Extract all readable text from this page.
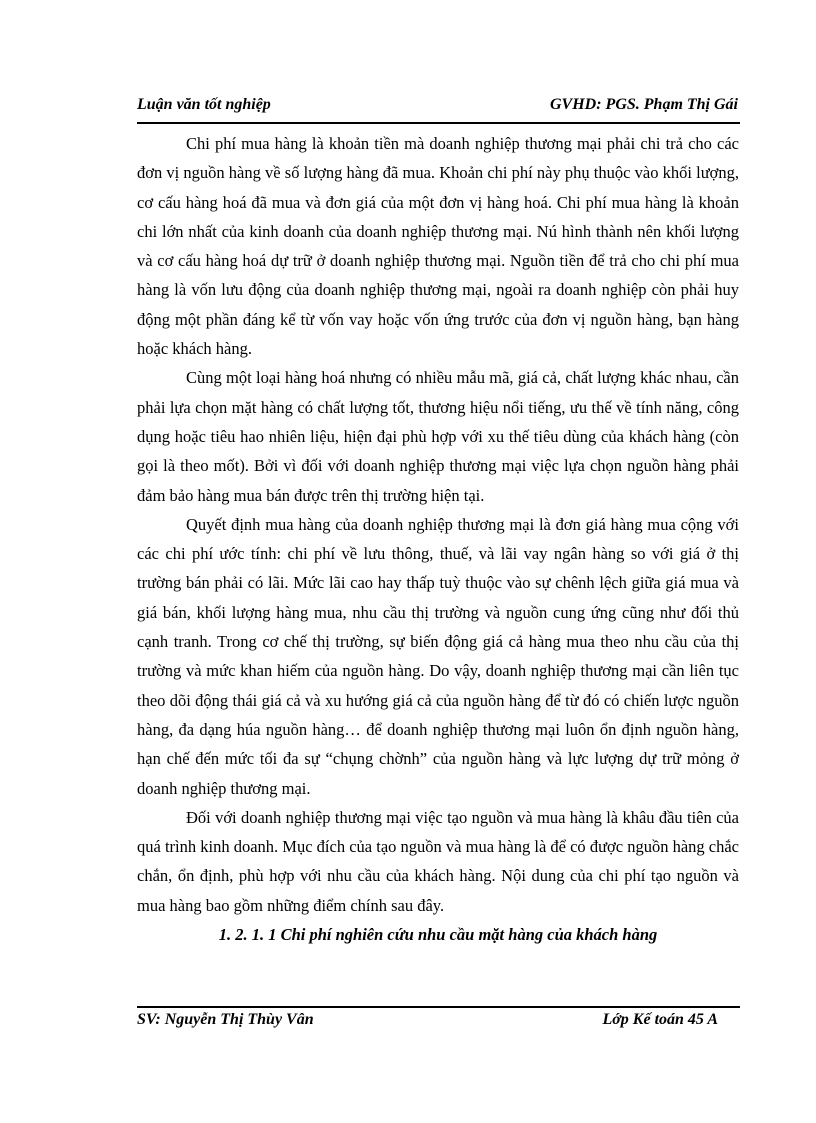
Luận văn tốt nghiệp	GVHD: PGS. Phạm Thị Gái

Chi phí mua hàng là khoản tiền mà doanh nghiệp thương mại phải chi trả cho các đơn vị nguồn hàng về số lượng hàng đã mua. Khoản chi phí này phụ thuộc vào khối lượng, cơ cấu hàng hoá đã mua và đơn giá của một đơn vị hàng hoá. Chi phí mua hàng là khoản chi lớn nhất của kinh doanh của doanh nghiệp thương mại. Nú hình thành nên khối lượng và cơ cấu hàng hoá dự trữ ở doanh nghiệp thương mại. Nguồn tiền để trả cho chi phí mua hàng là vốn lưu động của doanh nghiệp thương mại, ngoài ra doanh nghiệp còn phải huy động một phần đáng kể từ vốn vay hoặc vốn ứng trước của đơn vị nguồn hàng, bạn hàng hoặc khách hàng.

Cùng một loại hàng hoá nhưng có nhiều mẫu mã, giá cả, chất lượng khác nhau, cần phải lựa chọn mặt hàng có chất lượng tốt, thương hiệu nổi tiếng, ưu thế về tính năng, công dụng hoặc tiêu hao nhiên liệu, hiện đại phù hợp với xu thế tiêu dùng của khách hàng (còn gọi là theo mốt). Bởi vì đối với doanh nghiệp thương mại việc lựa chọn nguồn hàng phải đảm bảo hàng mua bán được trên thị trường hiện tại.

Quyết định mua hàng của doanh nghiệp thương mại là đơn giá hàng mua cộng với các chi phí ước tính: chi phí về lưu thông, thuế, và lãi vay ngân hàng so với giá ở thị trường bán phải có lãi. Mức lãi cao hay thấp tuỳ thuộc vào sự chênh lệch giữa giá mua và giá bán, khối lượng hàng mua, nhu cầu thị trường và nguồn cung ứng cũng như đối thủ cạnh tranh. Trong cơ chế thị trường, sự biến động giá cả hàng mua theo nhu cầu của thị trường và mức khan hiếm của nguồn hàng. Do vậy, doanh nghiệp thương mại cần liên tục theo dõi động thái giá cả và xu hướng giá cả của nguồn hàng để từ đó có chiến lược nguồn hàng, đa dạng húa nguồn hàng… để doanh nghiệp thương mại luôn ổn định nguồn hàng, hạn chế đến mức tối đa sự “chụng chờnh” của nguồn hàng và lực lượng dự trữ mỏng ở doanh nghiệp thương mại.

Đối với doanh nghiệp thương mại việc tạo nguồn và mua hàng là khâu đầu tiên của quá trình kinh doanh. Mục đích của tạo nguồn và mua hàng là để có được nguồn hàng chắc chắn, ổn định, phù hợp với nhu cầu của khách hàng. Nội dung của chi phí tạo nguồn và mua hàng bao gồm những điểm chính sau đây.

1. 2. 1. 1 Chi phí nghiên cứu nhu cầu mặt hàng của khách hàng

SV: Nguyễn Thị Thùy Vân	Lớp Kế toán 45 A
